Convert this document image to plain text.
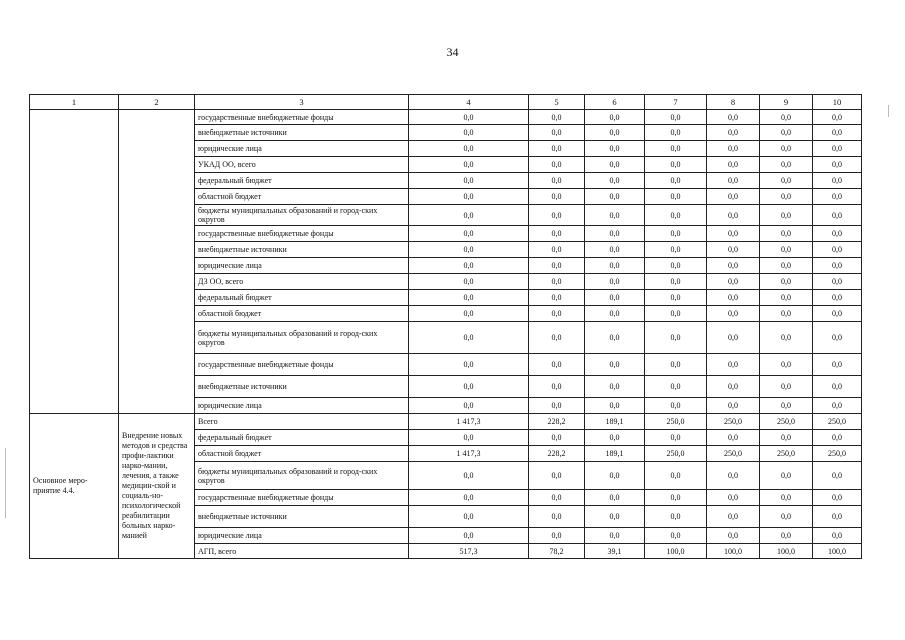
34
1	2	3	4	5	6	7	8	9	10
		государственные внебюджетные фонды	0,0	0,0	0,0	0,0	0,0	0,0	0,0
		внебюджетные источники	0,0	0,0	0,0	0,0	0,0	0,0	0,0
		юридические лица	0,0	0,0	0,0	0,0	0,0	0,0	0,0
		УКАД ОО, всего	0,0	0,0	0,0	0,0	0,0	0,0	0,0
		федеральный бюджет	0,0	0,0	0,0	0,0	0,0	0,0	0,0
		областной бюджет	0,0	0,0	0,0	0,0	0,0	0,0	0,0
		бюджеты муниципальных образований и город-ских округов	0,0	0,0	0,0	0,0	0,0	0,0	0,0
		государственные внебюджетные фонды	0,0	0,0	0,0	0,0	0,0	0,0	0,0
		внебюджетные источники	0,0	0,0	0,0	0,0	0,0	0,0	0,0
		юридические лица	0,0	0,0	0,0	0,0	0,0	0,0	0,0
		ДЗ ОО, всего	0,0	0,0	0,0	0,0	0,0	0,0	0,0
		федеральный бюджет	0,0	0,0	0,0	0,0	0,0	0,0	0,0
		областной бюджет	0,0	0,0	0,0	0,0	0,0	0,0	0,0
		бюджеты муниципальных образований и город-ских округов	0,0	0,0	0,0	0,0	0,0	0,0	0,0
		государственные внебюджетные фонды	0,0	0,0	0,0	0,0	0,0	0,0	0,0
		внебюджетные источники	0,0	0,0	0,0	0,0	0,0	0,0	0,0
		юридические лица	0,0	0,0	0,0	0,0	0,0	0,0	0,0
Основное меро-приятие 4.4.	Внедрение новых методов и средства профи-лактики нарко-мании, лечения, а также медицин-ской и социаль-но-психологической реабилитации больных нарко-манией	Всего	1 417,3	228,2	189,1	250,0	250,0	250,0	250,0
		федеральный бюджет	0,0	0,0	0,0	0,0	0,0	0,0	0,0
		областной бюджет	1 417,3	228,2	189,1	250,0	250,0	250,0	250,0
		бюджеты муниципальных образований и город-ских округов	0,0	0,0	0,0	0,0	0,0	0,0	0,0
		государственные внебюджетные фонды	0,0	0,0	0,0	0,0	0,0	0,0	0,0
		внебюджетные источники	0,0	0,0	0,0	0,0	0,0	0,0	0,0
		юридические лица	0,0	0,0	0,0	0,0	0,0	0,0	0,0
		АГП, всего	517,3	78,2	39,1	100,0	100,0	100,0	100,0
